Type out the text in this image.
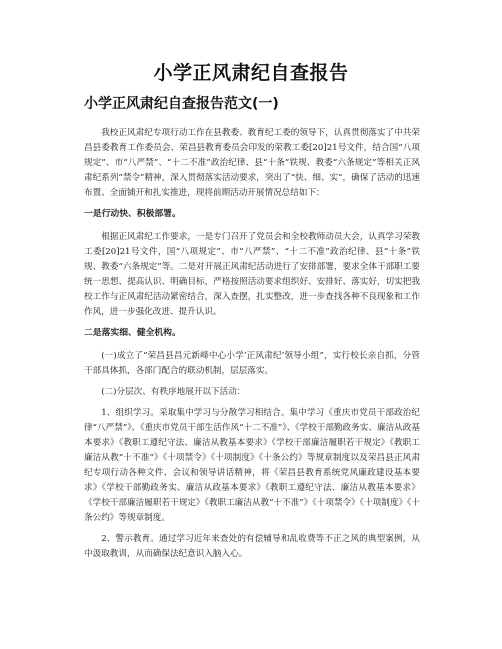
小学正风肃纪自查报告
小学正风肃纪自查报告范文(一)

我校正风肃纪专项行动工作在县教委、教育纪工委的领导下，认真贯彻落实了中共荣昌县委教育工作委员会、荣昌县教育委员会印发的荣教工委[20]21号文件，结合国“八项规定”、市“八严禁”、“十二不准”政治纪律、县“十条”铁规、教委“六条规定”等相关正风肃纪系列“禁令”精神，深入贯彻落实活动要求，突出了“快、细、实”，确保了活动的迅速布置、全面铺开和扎实推进，现将前期活动开展情况总结如下：

一是行动快、积极部署。

根据正风肃纪工作要求，一是专门召开了党员会和全校教师动员大会，认真学习荣教工委[20]21号文件，国“八项规定”、市“八严禁”、“十二不准”政治纪律、县“十条”铁规、教委“六条规定”等。二是对开展正风肃纪活动进行了安排部署，要求全体干部职工要统一思想、提高认识、明确目标，严格按照活动要求组织好、安排好、落实好，切实把我校工作与正风肃纪活动紧密结合，深入查摆，扎实整改，进一步查找各种不良现象和工作作风，进一步强化改进、提升认识。

二是落实细、健全机构。

(一)成立了“荣昌县昌元新峰中心小学‘正风肃纪’领导小组”，实行校长亲自抓，分管干部具体抓，各部门配合的联动机制，层层落实。

(二)分层次、有秩序地展开以下活动：

1、组织学习。采取集中学习与分散学习相结合。集中学习《重庆市党员干部政治纪律“八严禁”》、《重庆市党员干部生活作风“十二不准”》、《学校干部勤政务实、廉洁从政基本要求》《教职工遵纪守法、廉洁从教基本要求》《学校干部廉洁履职若干规定》《教职工廉洁从教“十不准”》《十项禁令》《十项制度》《十条公约》等规章制度以及荣昌县正风肃纪专项行动各种文件、会议和领导讲话精神，将《荣昌县教育系统党风廉政建设基本要求》《学校干部勤政务实、廉洁从政基本要求》《教职工遵纪守法、廉洁从教基本要求》《学校干部廉洁履职若干规定》《教职工廉洁从教“十不准”》《十项禁令》《十项制度》《十条公约》等规章制度。

2、警示教育。通过学习近年来查处的有偿辅导和乱收费等不正之风的典型案例，从中汲取教训，从而确保法纪意识入脑入心。
